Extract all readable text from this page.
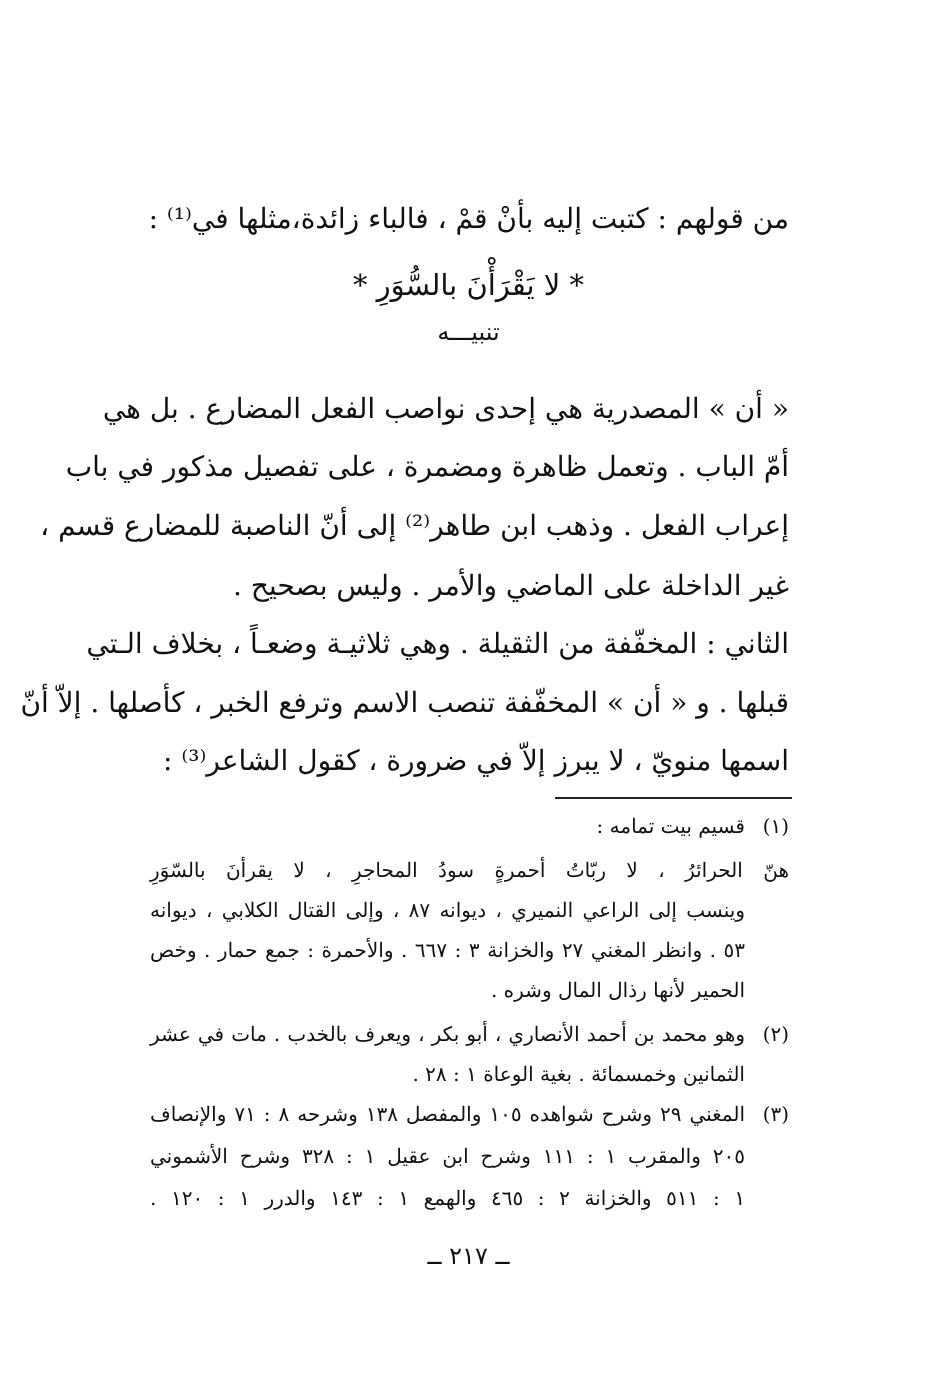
من قولهم : كتبت إليه بأنْ قمْ ، فالباء زائدة،مثلها في⁽¹⁾ :
* لا يَقْرَأْنَ بالسُّوَرِ *
تنبيـــه
« أن » المصدرية هي إحدى نواصب الفعل المضارع . بل هي
أمّ الباب . وتعمل ظاهرة ومضمرة ، على تفصيل مذكور في باب
إعراب الفعل . وذهب ابن طاهر⁽²⁾ إلى أنّ الناصبة للمضارع قسم ،
غير الداخلة على الماضي والأمر . وليس بصحيح .
الثاني : المخفّفة من الثقيلة . وهي ثلاثيـة وضعـاً ، بخلاف الـتي
قبلها . و « أن » المخفّفة تنصب الاسم وترفع الخبر ، كأصلها . إلاّ أنّ
اسمها منويّ ، لا يبرز إلاّ في ضرورة ، كقول الشاعر⁽³⁾ :
(١)
قسيم بيت تمامه :
هنّ الحرائرُ ، لا ربّاتُ أحمرةٍ سودُ المحاجرِ ، لا يقرأنَ بالسّوَرِ
وينسب إلى الراعي النميري ، ديوانه ٨٧ ، وإلى القتال الكلابي ، ديوانه
٥٣ . وانظر المغني ٢٧ والخزانة ٣ : ٦٦٧ . والأحمرة : جمع حمار . وخص
الحمير لأنها رذال المال وشره .
(٢)
وهو محمد بن أحمد الأنصاري ، أبو بكر ، ويعرف بالخدب . مات في عشر
الثمانين وخمسمائة . بغية الوعاة ١ : ٢٨ .
(٣)
المغني ٢٩ وشرح شواهده ١٠٥ والمفصل ١٣٨ وشرحه ٨ : ٧١ والإنصاف
٢٠٥ والمقرب ١ : ١١١ وشرح ابن عقيل ١ : ٣٢٨ وشرح الأشموني
١ : ٥١١ والخزانة ٢ : ٤٦٥ والهمع ١ : ١٤٣ والدرر ١ : ١٢٠ .
ــ ٢١٧ ــ
